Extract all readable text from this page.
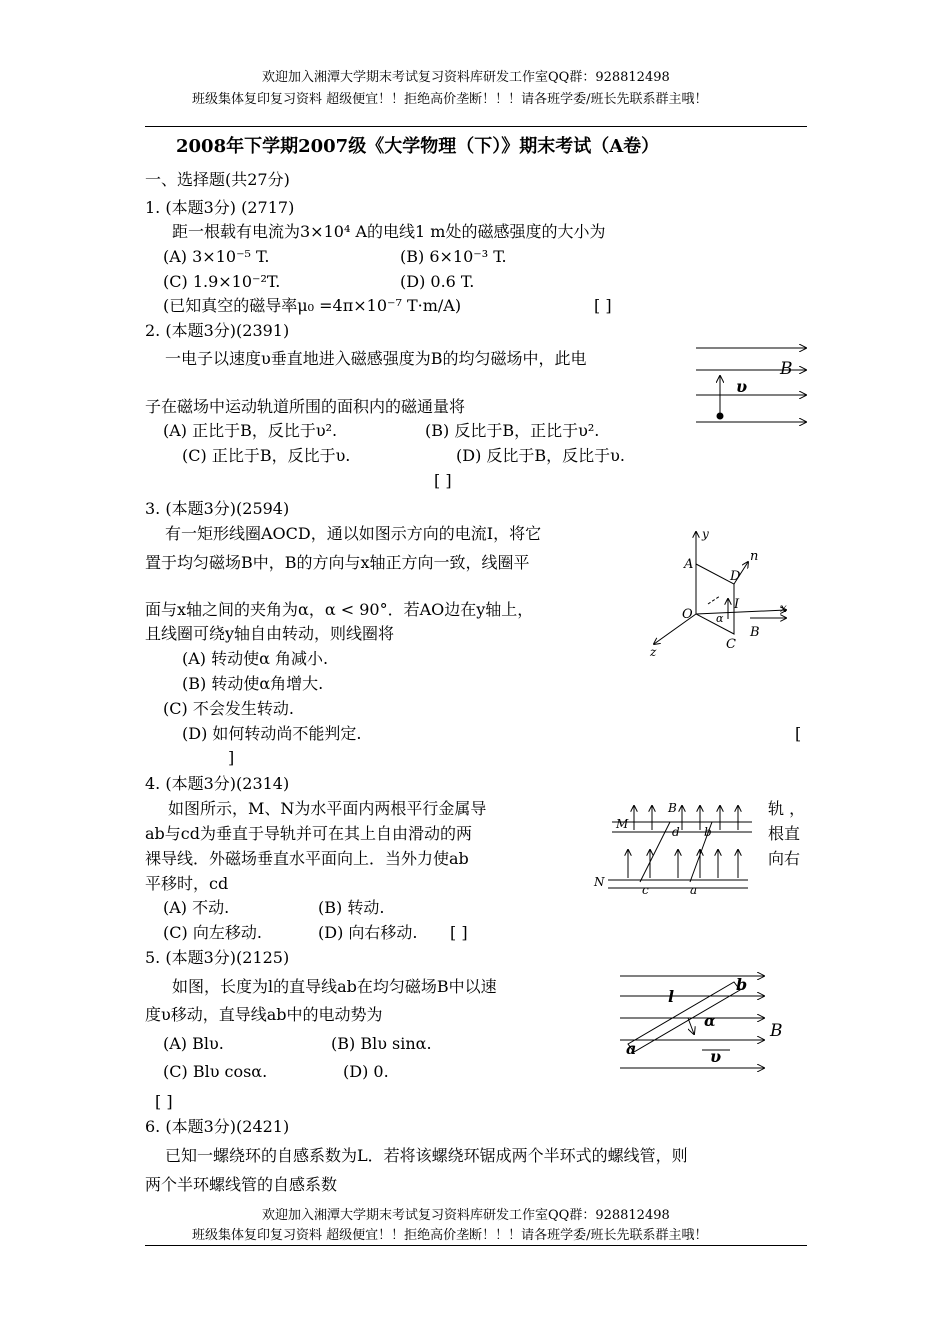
欢迎加入湘潭大学期末考试复习资料库研发工作室QQ群：928812498
班级集体复印复习资料 超级便宜！！拒绝高价垄断！！！请各班学委/班长先联系群主哦！
2008年下学期2007级《大学物理（下）》期末考试（A卷）
一、选择题(共27分)
1. (本题3分) (2717)
距一根载有电流为3×10⁴ A的电线1 m处的磁感强度的大小为
(A) 3×10⁻⁵ T.	(B) 6×10⁻³ T.
(C) 1.9×10⁻²T.	(D) 0.6 T.
(已知真空的磁导率μ₀ =4π×10⁻⁷ T·m/A)	[ ]
2. (本题3分)(2391)
一电子以速度υ垂直地进入磁感强度为B的均匀磁场中，此电
子在磁场中运动轨道所围的面积内的磁通量将
(A) 正比于B，反比于υ².	(B) 反比于B，正比于υ².
(C) 正比于B，反比于υ.	(D) 反比于B，反比于υ.
[ ]
υ
B
3. (本题3分)(2594)
有一矩形线圈AOCD，通以如图示方向的电流I，将它
置于均匀磁场B中，B的方向与x轴正方向一致，线圈平
面与x轴之间的夹角为α，α < 90°．若AO边在y轴上，
且线圈可绕y轴自由转动，则线圈将
(A) 转动使α 角减小.
(B) 转动使α角增大.
(C) 不会发生转动.
(D) 如何转动尚不能判定.	[
]
y
x
z
A
O
C
D
n
I
B
α
4. (本题3分)(2314)
如图所示，M、N为水平面内两根平行金属导
ab与cd为垂直于导轨并可在其上自由滑动的两
裸导线．外磁场垂直水平面向上．当外力使ab
平移时，cd
轨 ，
根直
向右
(A) 不动.	(B) 转动.
(C) 向左移动.	(D) 向右移动. [ ]
M
N
B
c
d
a
b
5. (本题3分)(2125)
如图，长度为l的直导线ab在均匀磁场B中以速
度υ移动，直导线ab中的电动势为
(A) Blυ.	(B) Blυ sinα.
(C) Blυ cosα.	(D) 0.
[ ]
l
b
a
α	B
υ
6. (本题3分)(2421)
已知一螺绕环的自感系数为L．若将该螺绕环锯成两个半环式的螺线管，则
两个半环螺线管的自感系数
欢迎加入湘潭大学期末考试复习资料库研发工作室QQ群：928812498
班级集体复印复习资料 超级便宜！！拒绝高价垄断！！！请各班学委/班长先联系群主哦！
